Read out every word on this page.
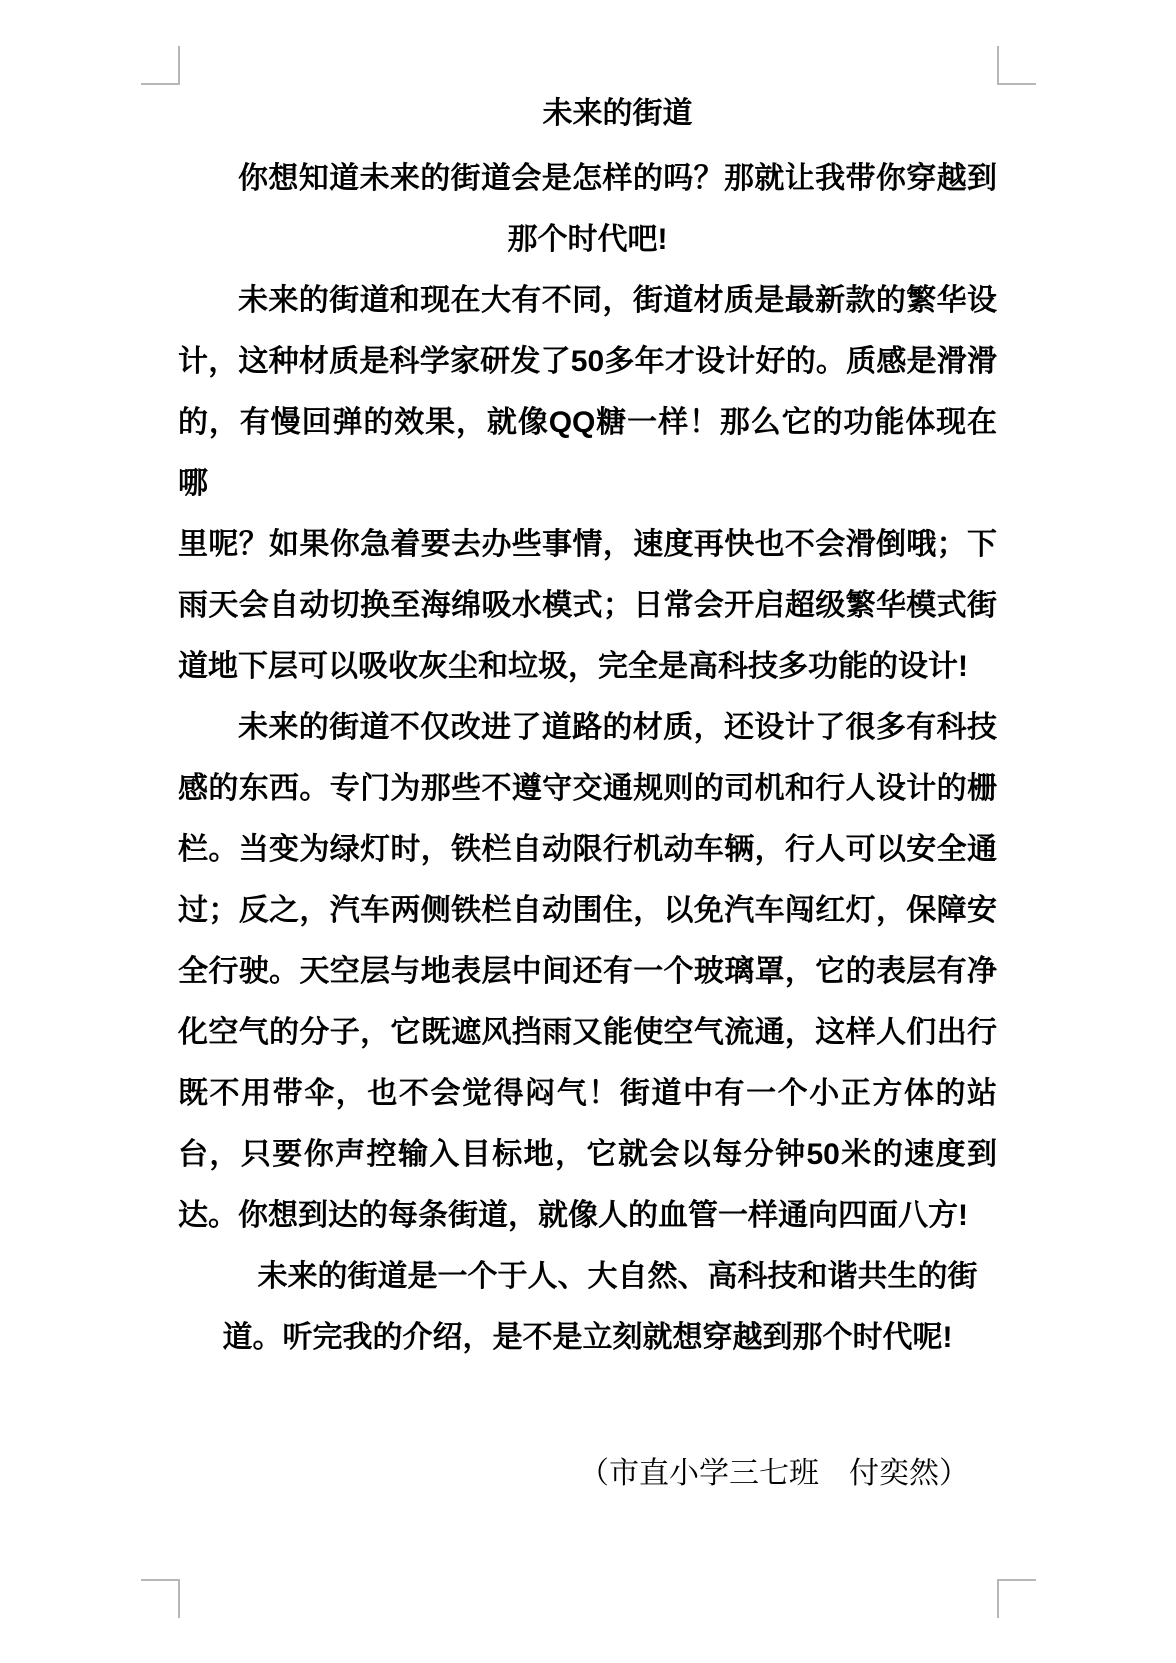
未来的街道
你想知道未来的街道会是怎样的吗？那就让我带你穿越到
那个时代吧!
未来的街道和现在大有不同，街道材质是最新款的繁华设
计，这种材质是科学家研发了50多年才设计好的。质感是滑滑
的，有慢回弹的效果，就像QQ糖一样！那么它的功能体现在哪
里呢？如果你急着要去办些事情，速度再快也不会滑倒哦；下
雨天会自动切换至海绵吸水模式；日常会开启超级繁华模式街
道地下层可以吸收灰尘和垃圾，完全是高科技多功能的设计!
未来的街道不仅改进了道路的材质，还设计了很多有科技
感的东西。专门为那些不遵守交通规则的司机和行人设计的栅
栏。当变为绿灯时，铁栏自动限行机动车辆，行人可以安全通
过；反之，汽车两侧铁栏自动围住，以免汽车闯红灯，保障安
全行驶。天空层与地表层中间还有一个玻璃罩，它的表层有净
化空气的分子，它既遮风挡雨又能使空气流通，这样人们出行
既不用带伞，也不会觉得闷气！街道中有一个小正方体的站
台，只要你声控输入目标地，它就会以每分钟50米的速度到
达。你想到达的每条街道，就像人的血管一样通向四面八方!
未来的街道是一个于人、大自然、高科技和谐共生的街
道。听完我的介绍，是不是立刻就想穿越到那个时代呢!
（市直小学三七班　付奕然）
